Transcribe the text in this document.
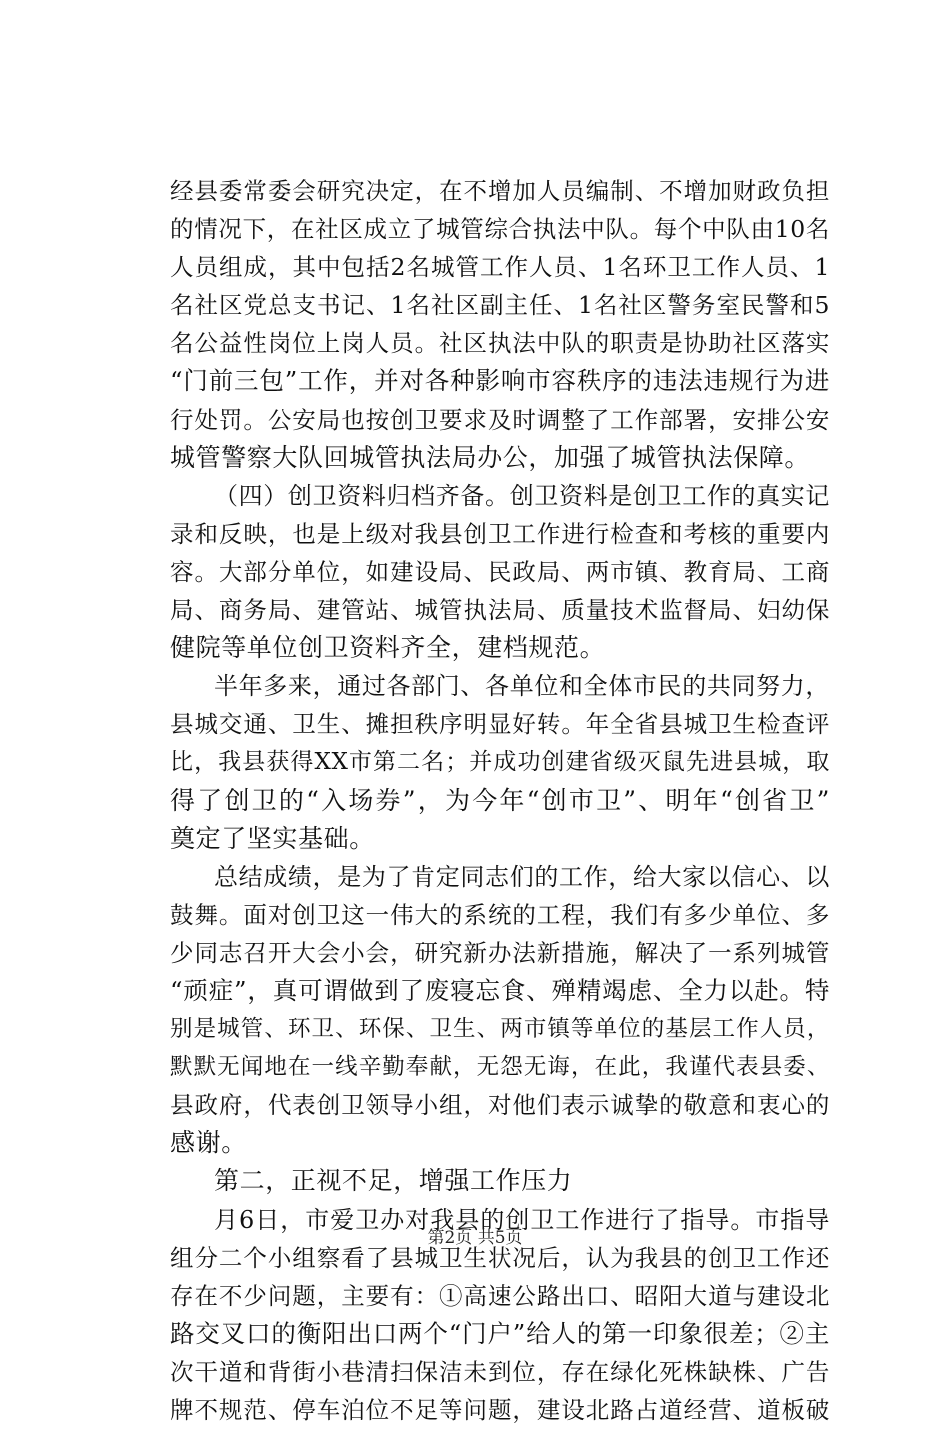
经县委常委会研究决定，在不增加人员编制、不增加财政负担
的情况下，在社区成立了城管综合执法中队。每个中队由10名
人员组成，其中包括2名城管工作人员、1名环卫工作人员、1
名社区党总支书记、1名社区副主任、1名社区警务室民警和5
名公益性岗位上岗人员。社区执法中队的职责是协助社区落实
“门前三包”工作，并对各种影响市容秩序的违法违规行为进
行处罚。公安局也按创卫要求及时调整了工作部署，安排公安
城管警察大队回城管执法局办公，加强了城管执法保障。
（四）创卫资料归档齐备。创卫资料是创卫工作的真实记
录和反映，也是上级对我县创卫工作进行检查和考核的重要内
容。大部分单位，如建设局、民政局、两市镇、教育局、工商
局、商务局、建管站、城管执法局、质量技术监督局、妇幼保
健院等单位创卫资料齐全，建档规范。
半年多来，通过各部门、各单位和全体市民的共同努力，
县城交通、卫生、摊担秩序明显好转。年全省县城卫生检查评
比，我县获得XX市第二名；并成功创建省级灭鼠先进县城，取
得了创卫的“入场券”，为今年“创市卫”、明年“创省卫”
奠定了坚实基础。
总结成绩，是为了肯定同志们的工作，给大家以信心、以
鼓舞。面对创卫这一伟大的系统的工程，我们有多少单位、多
少同志召开大会小会，研究新办法新措施，解决了一系列城管
“顽症”，真可谓做到了废寝忘食、殚精竭虑、全力以赴。特
别是城管、环卫、环保、卫生、两市镇等单位的基层工作人员，
默默无闻地在一线辛勤奉献，无怨无诲，在此，我谨代表县委、
县政府，代表创卫领导小组，对他们表示诚挚的敬意和衷心的
感谢。
第二，正视不足，增强工作压力
月6日，市爱卫办对我县的创卫工作进行了指导。市指导
组分二个小组察看了县城卫生状况后，认为我县的创卫工作还
存在不少问题，主要有：①高速公路出口、昭阳大道与建设北
路交叉口的衡阳出口两个“门户”给人的第一印象很差；②主
次干道和背街小巷清扫保洁未到位，存在绿化死株缺株、广告
牌不规范、停车泊位不足等问题，建设北路占道经营、道板破
第2页 共5页
